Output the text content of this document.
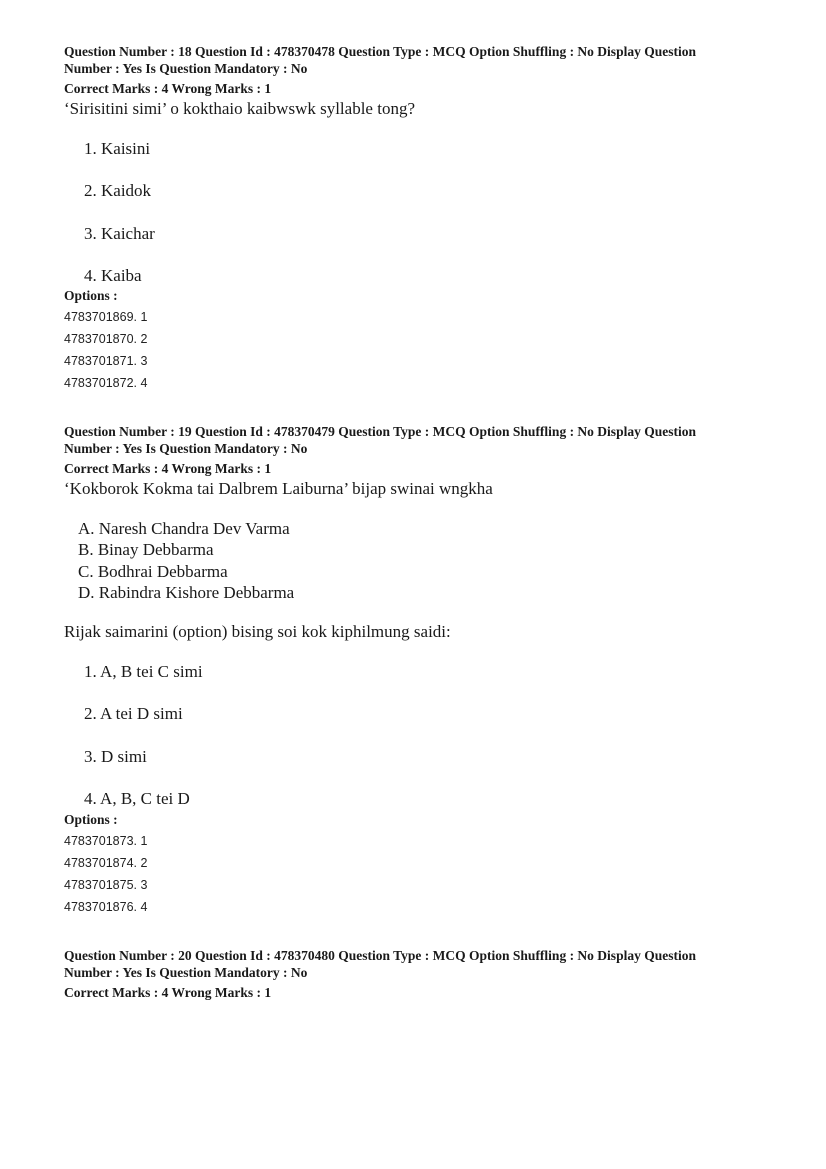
Question Number : 18 Question Id : 478370478 Question Type : MCQ Option Shuffling : No Display Question
Number : Yes Is Question Mandatory : No
Correct Marks : 4 Wrong Marks : 1
‘Sirisitini simi’ o kokthaio kaibwswk syllable tong?
1. Kaisini
2. Kaidok
3. Kaichar
4. Kaiba
Options :
4783701869. 1
4783701870. 2
4783701871. 3
4783701872. 4
Question Number : 19 Question Id : 478370479 Question Type : MCQ Option Shuffling : No Display Question
Number : Yes Is Question Mandatory : No
Correct Marks : 4 Wrong Marks : 1
‘Kokborok Kokma tai Dalbrem Laiburna’ bijap swinai wngkha
A. Naresh Chandra Dev Varma
B. Binay Debbarma
C. Bodhrai Debbarma
D. Rabindra Kishore Debbarma
Rijak saimarini (option) bising soi kok kiphilmung saidi:
1. A, B tei C simi
2. A tei D simi
3. D simi
4. A, B, C tei D
Options :
4783701873. 1
4783701874. 2
4783701875. 3
4783701876. 4
Question Number : 20 Question Id : 478370480 Question Type : MCQ Option Shuffling : No Display Question
Number : Yes Is Question Mandatory : No
Correct Marks : 4 Wrong Marks : 1
